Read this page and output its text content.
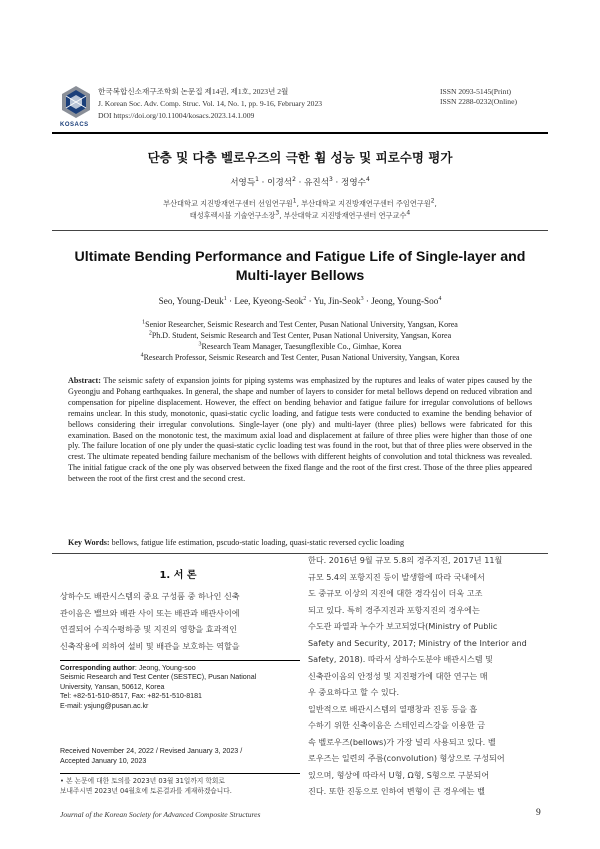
KOSACS
한국복합신소재구조학회 논문집 제14권, 제1호, 2023년 2월
J. Korean Soc. Adv. Comp. Struc. Vol. 14, No. 1, pp. 9-16, February 2023
DOI https://doi.org/10.11004/kosacs.2023.14.1.009
ISSN 2093-5145(Print)
ISSN 2288-0232(Online)
단층 및 다층 벨로우즈의 극한 휨 성능 및 피로수명 평가
서영득$^1$ · 이경석$^2$ · 유진석$^3$ · 정영수$^4$
부산대학교 지진방재연구센터 선임연구원$^1$, 부산대학교 지진방재연구센터 주임연구원$^2$,
태성후렉시블 기술연구소장$^3$, 부산대학교 지진방재연구센터 연구교수$^4$
Ultimate Bending Performance and Fatigue Life of Single-layer and Multi-layer Bellows
Seo, Young-Deuk$^1$ · Lee, Kyeong-Seok$^2$ · Yu, Jin-Seok$^3$ · Jeong, Young-Soo$^4$
$^1$Senior Researcher, Seismic Research and Test Center, Pusan National University, Yangsan, Korea
$^2$Ph.D. Student, Seismic Research and Test Center, Pusan National University, Yangsan, Korea
$^3$Research Team Manager, Taesungflexible Co., Gimhae, Korea
$^4$Research Professor, Seismic Research and Test Center, Pusan National University, Yangsan, Korea
Abstract: The seismic safety of expansion joints for piping systems was emphasized by the ruptures and leaks of water pipes caused by the Gyeongju and Pohang earthquakes. In general, the shape and number of layers to consider for metal bellows depend on reduced vibration and compensation for pipeline displacement. However, the effect on bending behavior and fatigue failure for irregular convolutions of bellows remains unclear. In this study, monotonic, quasi-static cyclic loading, and fatigue tests were conducted to examine the bending behavior of bellows considering their irregular convolutions. Single-layer (one ply) and multi-layer (three plies) bellows were fabricated for this examination. Based on the monotonic test, the maximum axial load and displacement at failure of three plies were higher than those of one ply. The failure location of one ply under the quasi-static cyclic loading test was found in the root, but that of three plies were observed in the crest. The ultimate repeated bending failure mechanism of the bellows with different heights of convolution and total thickness was revealed. The initial fatigue crack of the one ply was observed between the fixed flange and the root of the first crest. Those of the three plies appeared between the root of the first crest and the second crest.
Key Words: bellows, fatigue life estimation, pscudo-static loading, quasi-static reversed cyclic loading
1. 서 론
상하수도 배관시스템의 중요 구성품 중 하나인 신축
관이음은 밸브와 배관 사이 또는 배관과 배관사이에
연결되어 수직수평하중 및 지진의 영향을 효과적인
신축작용에 의하여 설비 및 배관을 보호하는 역할을
Corresponding author: Jeong, Young-soo
Seismic Research and Test Center (SESTEC), Pusan National
University, Yansan, 50612, Korea
Tel: +82-51-510-8517, Fax: +82-51-510-8181
E-mail: ysjung@pusan.ac.kr
Received November 24, 2022 / Revised January 3, 2023 /
Accepted January 10, 2023
• 본 논문에 대한 토의를 2023년 03월 31일까지 학회로
보내주시면 2023년 04월호에 토론결과를 게재하겠습니다.
한다. 2016년 9월 규모 5.8의 경주지진, 2017년 11월
규모 5.4의 포항지진 등이 발생함에 따라 국내에서
도 중규모 이상의 지진에 대한 경각심이 더욱 고조
되고 있다. 특히 경주지진과 포항지진의 경우에는
수도관 파열과 누수가 보고되었다(Ministry of Public
Safety and Security, 2017; Ministry of the Interior and
Safety, 2018). 따라서 상하수도분야 배관시스템 및
신축관이음의 안정성 및 지진평가에 대한 연구는 매
우 중요하다고 할 수 있다.
일반적으로 배관시스템의 열팽창과 진동 등을 흡
수하기 위한 신축이음은 스테인리스강을 이용한 금
속 벨로우즈(bellows)가 가장 널리 사용되고 있다. 벨
로우즈는 일련의 주름(convolution) 형상으로 구성되어
있으며, 형상에 따라서 U형, Ω형, S형으로 구분되어
진다. 또한 진동으로 인하여 변형이 큰 경우에는 벨
Journal of the Korean Society for Advanced Composite Structures	9
